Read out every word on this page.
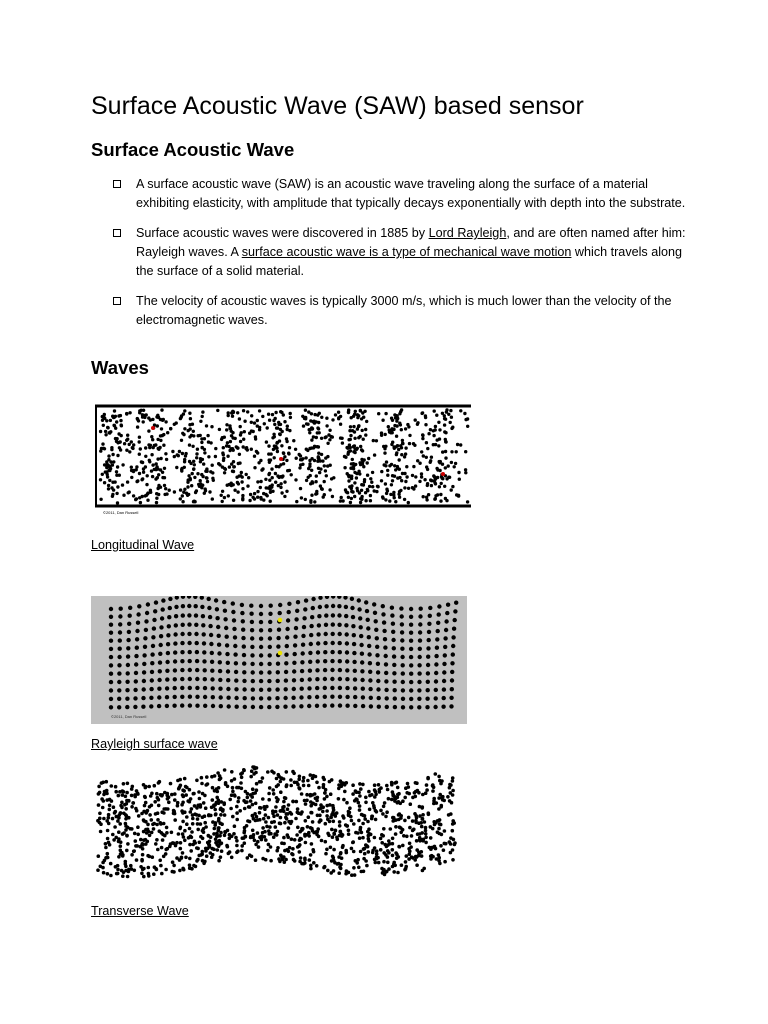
Surface Acoustic Wave (SAW) based sensor
Surface Acoustic Wave
A surface acoustic wave (SAW) is an acoustic wave traveling along the surface of a material exhibiting elasticity, with amplitude that typically decays exponentially with depth into the substrate.
Surface acoustic waves were discovered in 1885 by Lord Rayleigh, and are often named after him: Rayleigh waves. A surface acoustic wave is a type of mechanical wave motion which travels along the surface of a solid material.
The velocity of acoustic waves is typically 3000 m/s, which is much lower than the velocity of the electromagnetic waves.
Waves
©2011, Dan Russell
Longitudinal Wave
©2011, Dan Russell
Rayleigh surface wave
Transverse Wave
